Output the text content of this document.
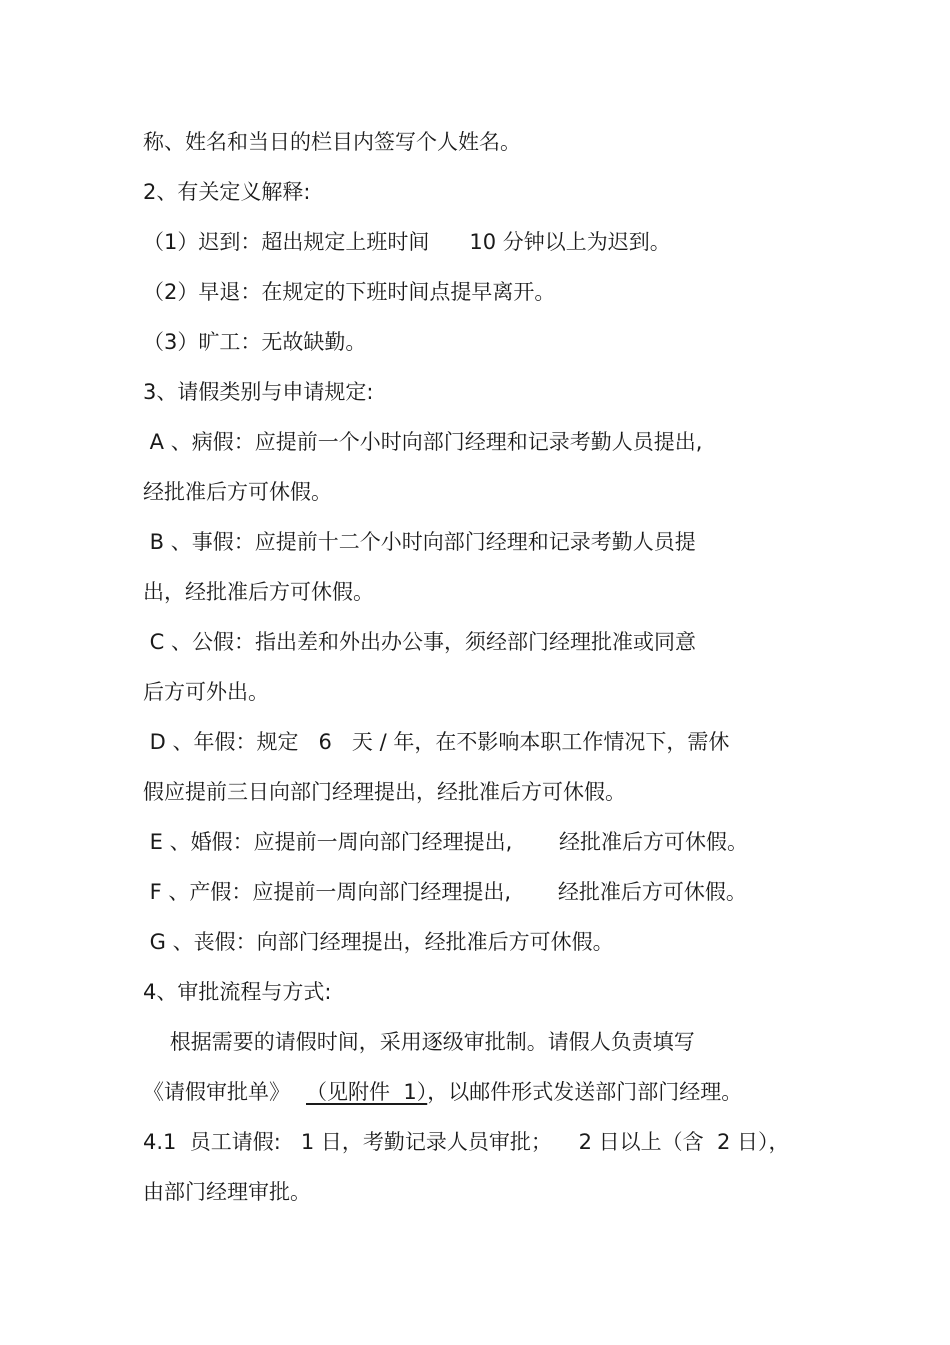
称、姓名和当日的栏目内签写个人姓名。

2、有关定义解释:

（1）迟到：超出规定上班时间      10 分钟以上为迟到。

（2）早退：在规定的下班时间点提早离开。

（3）旷工：无故缺勤。

3、请假类别与申请规定:

A 、病假：应提前一个小时向部门经理和记录考勤人员提出,

经批准后方可休假。

B 、事假：应提前十二个小时向部门经理和记录考勤人员提

出，经批准后方可休假。

C 、公假：指出差和外出办公事，须经部门经理批准或同意

后方可外出。

D 、年假：规定   6   天 / 年，在不影响本职工作情况下，需休

假应提前三日向部门经理提出，经批准后方可休假。

E 、婚假：应提前一周向部门经理提出,       经批准后方可休假。

F 、产假：应提前一周向部门经理提出,       经批准后方可休假。

G 、丧假：向部门经理提出，经批准后方可休假。

4、审批流程与方式:

根据需要的请假时间，采用逐级审批制。请假人负责填写

《请假审批单》 （见附件  1），以邮件形式发送部门部门经理。

4.1  员工请假:   1 日，考勤记录人员审批；    2 日以上（含  2 日），

由部门经理审批。
